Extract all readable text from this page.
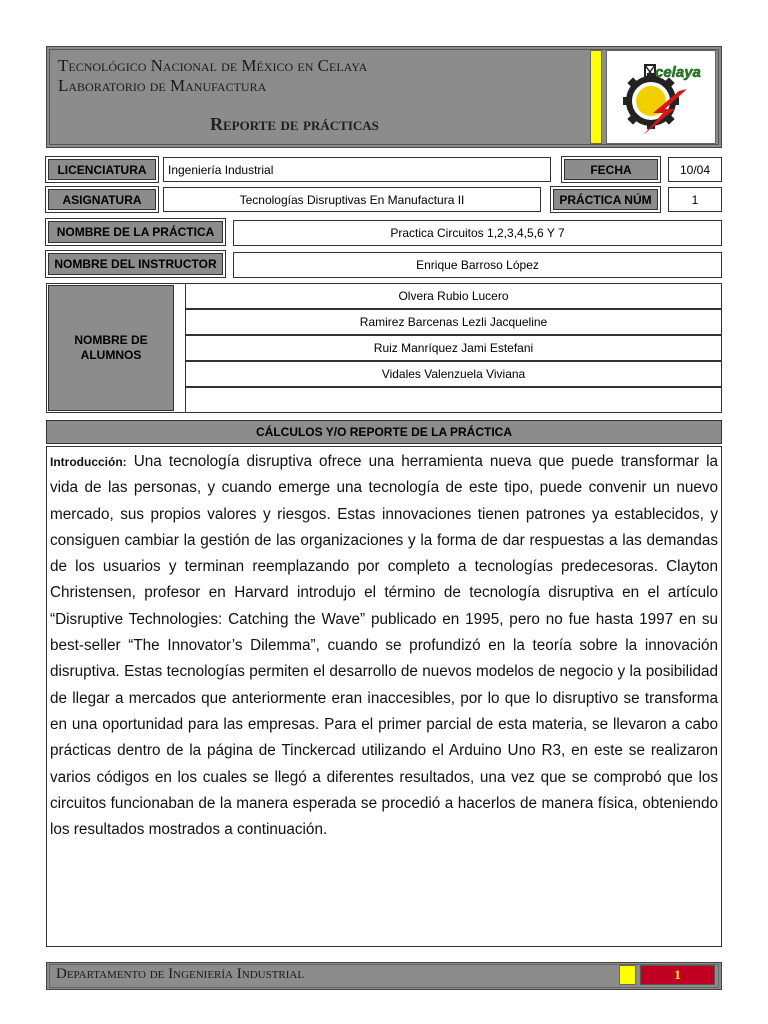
Tecnológico Nacional de México en Celaya
Laboratorio de Manufactura
Reporte de prácticas
celaya
LICENCIATURA	Ingeniería Industrial	FECHA	10/04
ASIGNATURA	Tecnologías Disruptivas En Manufactura II	PRÁCTICA NÚM	1
NOMBRE DE LA PRÁCTICA	Practica Circuitos 1,2,3,4,5,6 Y 7
NOMBRE DEL INSTRUCTOR	Enrique Barroso López
NOMBRE DE ALUMNOS
Olvera Rubio Lucero
Ramirez Barcenas Lezli Jacqueline
Ruiz Manríquez Jami Estefani
Vidales Valenzuela Viviana
CÁLCULOS Y/O REPORTE DE LA PRÁCTICA
Introducción: Una tecnología disruptiva ofrece una herramienta nueva que puede transformar la vida de las personas, y cuando emerge una tecnología de este tipo, puede convenir un nuevo mercado, sus propios valores y riesgos. Estas innovaciones tienen patrones ya establecidos, y consiguen cambiar la gestión de las organizaciones y la forma de dar respuestas a las demandas de los usuarios y terminan reemplazando por completo a tecnologías predecesoras. Clayton Christensen, profesor en Harvard introdujo el término de tecnología disruptiva en el artículo “Disruptive Technologies: Catching the Wave” publicado en 1995, pero no fue hasta 1997 en su best-seller “The Innovator’s Dilemma”, cuando se profundizó en la teoría sobre la innovación disruptiva. Estas tecnologías permiten el desarrollo de nuevos modelos de negocio y la posibilidad de llegar a mercados que anteriormente eran inaccesibles, por lo que lo disruptivo se transforma en una oportunidad para las empresas. Para el primer parcial de esta materia, se llevaron a cabo prácticas dentro de la página de Tinckercad utilizando el Arduino Uno R3, en este se realizaron varios códigos en los cuales se llegó a diferentes resultados, una vez que se comprobó que los circuitos funcionaban de la manera esperada se procedió a hacerlos de manera física, obteniendo los resultados mostrados a continuación.
Departamento de Ingeniería Industrial	1
